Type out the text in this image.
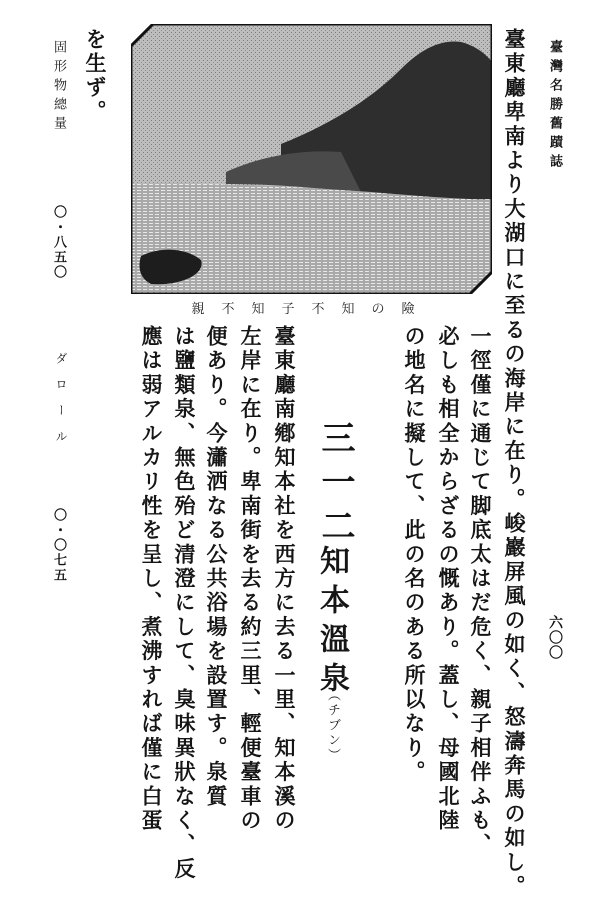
臺灣名勝舊蹟誌
六〇〇
親不知子不知の險	臺東廳卑南より大湖口に至るの海岸に在り。峻巖屏風の如く、怒濤奔馬の如し。
一徑僅に通じて脚底太はだ危く、親子相伴ふも、
必しも相全からざるの慨あり。蓋し、母國北陸
の地名に擬して、此の名のある所以なり。
三一二
知本溫泉
（チブン）
臺東廳南鄕知本社を西方に去る一里、知本溪の
左岸に在り。卑南街を去る約三里、輕便臺車の
便あり。今瀟洒なる公共浴場を設置す。泉質
は鹽類泉、無色殆ど清澄にして、臭味異狀なく、反
應は弱アルカリ性を呈し、煮沸すれば僅に白蛋
を生ず。
固形物總量
〇・八五〇
ダロール
〇・〇七五
